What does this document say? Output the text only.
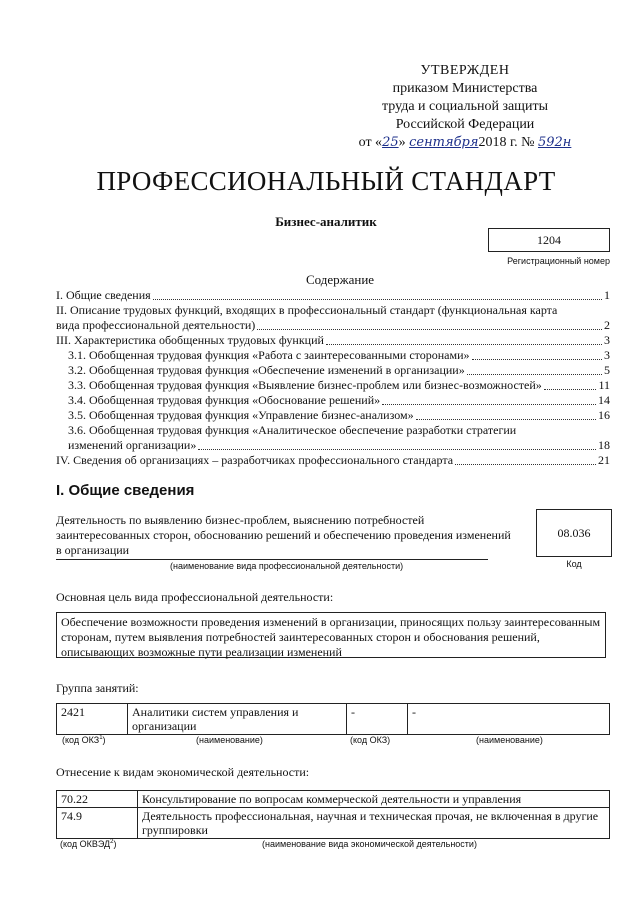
УТВЕРЖДЕН
приказом Министерства
труда и социальной защиты
Российской Федерации
от «25» сентября2018 г. № 592н
ПРОФЕССИОНАЛЬНЫЙ СТАНДАРТ
Бизнес-аналитик
1204
Регистрационный номер
Содержание
I. Общие сведения	1
II. Описание трудовых функций, входящих в профессиональный стандарт (функциональная карта
вида профессиональной деятельности)	2
III. Характеристика обобщенных трудовых функций	3
3.1. Обобщенная трудовая функция «Работа с заинтересованными сторонами»	3
3.2. Обобщенная трудовая функция «Обеспечение изменений в организации»	5
3.3. Обобщенная трудовая функция «Выявление бизнес-проблем или бизнес-возможностей»	11
3.4. Обобщенная трудовая функция «Обоснование решений»	14
3.5. Обобщенная трудовая функция «Управление бизнес-анализом»	16
3.6. Обобщенная трудовая функция «Аналитическое обеспечение разработки стратегии
изменений организации»	18
IV. Сведения об организациях – разработчиках профессионального стандарта	21
I. Общие сведения
Деятельность по выявлению бизнес-проблем, выяснению потребностей заинтересованных сторон, обоснованию решений и обеспечению проведения изменений в организации
(наименование вида профессиональной деятельности)
08.036
Код
Основная цель вида профессиональной деятельности:
Обеспечение возможности проведения изменений в организации, приносящих пользу заинтересованным сторонам, путем выявления потребностей заинтересованных сторон и обоснования решений, описывающих возможные пути реализации изменений
Группа занятий:
2421	Аналитики систем управления и организации	-	-
(код ОКЗ$^1$)	(наименование)	(код ОКЗ)	(наименование)
Отнесение к видам экономической деятельности:
70.22	Консультирование по вопросам коммерческой деятельности и управления
74.9	Деятельность профессиональная, научная и техническая прочая, не включенная в другие группировки
(код ОКВЭД$^2$)	(наименование вида экономической деятельности)
